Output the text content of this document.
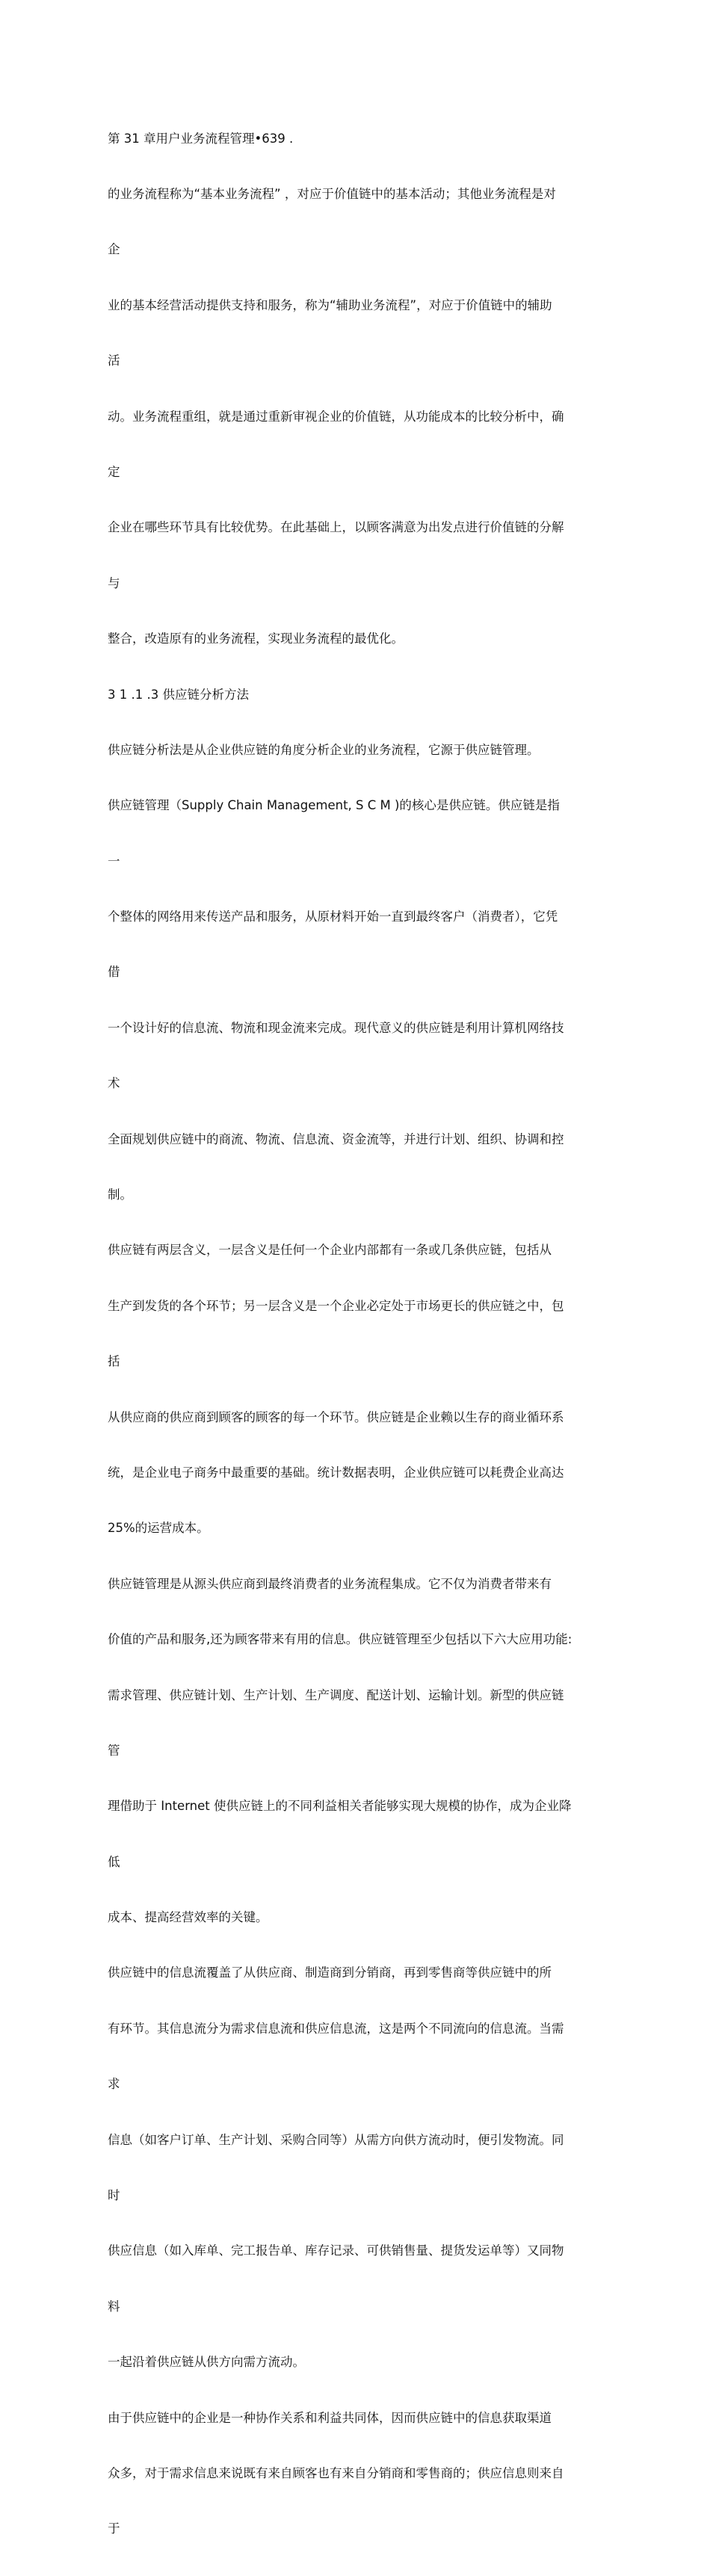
第 31 章用户业务流程管理•639 .

的业务流程称为“基本业务流程” ，对应于价值链中的基本活动；其他业务流程是对

企

业的基本经营活动提供支持和服务，称为“辅助业务流程”，对应于价值链中的辅助

活

动。业务流程重组，就是通过重新审视企业的价值链，从功能成本的比较分析中，确

定

企业在哪些环节具有比较优势。在此基础上，以顾客满意为出发点进行价值链的分解

与

整合，改造原有的业务流程，实现业务流程的最优化。

3 1 .1 .3 供应链分析方法

供应链分析法是从企业供应链的角度分析企业的业务流程，它源于供应链管理。

供应链管理（Supply Chain Management, S C M )的核心是供应链。供应链是指

一

个整体的网络用来传送产品和服务，从原材料开始一直到最终客户（消费者），它凭

借

一个设计好的信息流、物流和现金流来完成。现代意义的供应链是利用计算机网络技

术

全面规划供应链中的商流、物流、信息流、资金流等，并进行计划、组织、协调和控

制。

供应链有两层含义，一层含义是任何一个企业内部都有一条或几条供应链，包括从

生产到发货的各个环节；另一层含义是一个企业必定处于市场更长的供应链之中，包

括

从供应商的供应商到顾客的顾客的每一个环节。供应链是企业赖以生存的商业循环系

统，是企业电子商务中最重要的基础。统计数据表明，企业供应链可以耗费企业高达

25%的运营成本。

供应链管理是从源头供应商到最终消费者的业务流程集成。它不仅为消费者带来有

价值的产品和服务,还为顾客带来有用的信息。供应链管理至少包括以下六大应用功能:

需求管理、供应链计划、生产计划、生产调度、配送计划、运输计划。新型的供应链

管

理借助于 Internet 使供应链上的不同利益相关者能够实现大规模的协作，成为企业降

低

成本、提高经营效率的关键。

供应链中的信息流覆盖了从供应商、制造商到分销商，再到零售商等供应链中的所

有环节。其信息流分为需求信息流和供应信息流，这是两个不同流向的信息流。当需

求

信息（如客户订单、生产计划、采购合同等）从需方向供方流动时，便引发物流。同

时

供应信息（如入库单、完工报告单、库存记录、可供销售量、提货发运单等）又同物

料

一起沿着供应链从供方向需方流动。

由于供应链中的企业是一种协作关系和利益共同体，因而供应链中的信息获取渠道

众多，对于需求信息来说既有来自顾客也有来自分销商和零售商的；供应信息则来自

于
